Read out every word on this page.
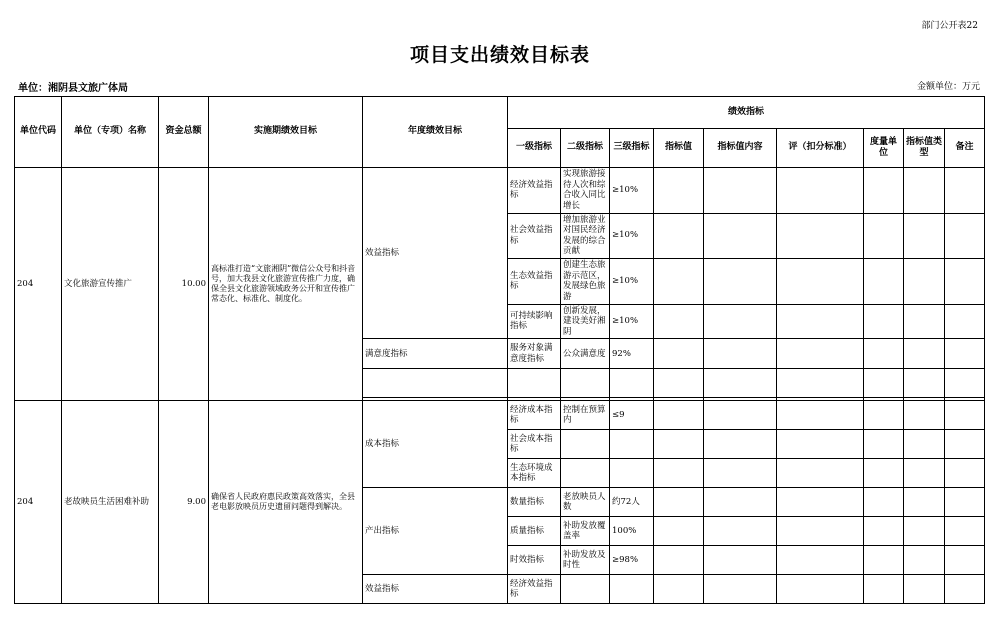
部门公开表22
项目支出绩效目标表
单位：湘阴县文旅广体局	金额单位：万元
单位代码	单位（专项）名称	资金总额	实施期绩效目标	年度绩效目标	绩效指标								
					一级指标	二级指标	三级指标	指标值	指标值内容	评（扣分标准）	度量单位	指标值类型	备注
204	文化旅游宣传推广	10.00	高标准打造“文旅湘阴”微信公众号和抖音号，加大我县文化旅游宣传推广力度，确保全县文化旅游领域政务公开和宣传推广常态化、标准化、制度化。	效益指标	经济效益指标	实现旅游接待人次和综合收入同比增长	≥10%						
					社会效益指标	增加旅游业对国民经济发展的综合贡献	≥10%						
					生态效益指标	创建生态旅游示范区，发展绿色旅游	≥10%						
					可持续影响指标	创新发展，建设美好湘阴	≥10%						
				满意度指标	服务对象满意度指标	公众满意度	92%						

204	老故映员生活困难补助	9.00	确保省人民政府惠民政策高效落实，全县老电影放映员历史遗留问题得到解决。	成本指标	经济成本指标	控制在预算内	≤9						
					社会成本指标								
					生态环境成本指标								
				产出指标	数量指标	老放映员人数	约72人						
					质量指标	补助发放覆盖率	100%						
					时效指标	补助发放及时性	≥98%						
				效益指标	经济效益指标								
